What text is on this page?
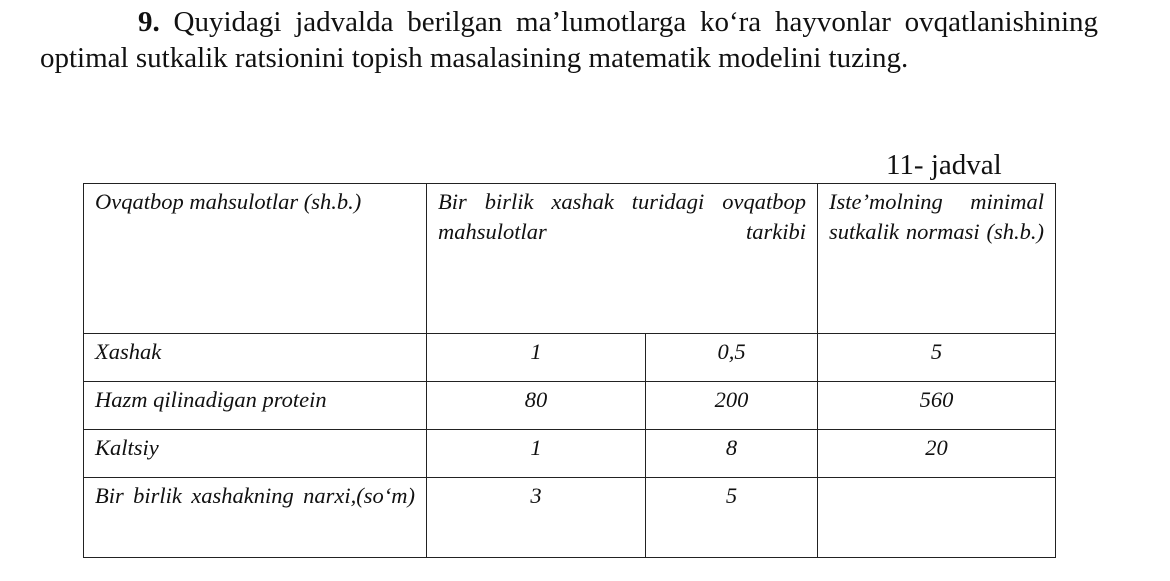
9. Quyidagi jadvalda berilgan ma’lumotlarga ko‘ra hayvonlar ovqatlanishining optimal sutkalik ratsionini topish masalasining matematik modelini tuzing.
11- jadval
Ovqatbop mahsulotlar (sh.b.)	Bir birlik xashak turidagi ovqatbop mahsulotlar tarkibi		Iste’molning minimal sutkalik normasi (sh.b.)

Xashak	1	0,5	5

Hazm qilinadigan protein	80	200	560

Kaltsiy	1	8	20

Bir birlik xashakning narxi,(so‘m)	3	5	
